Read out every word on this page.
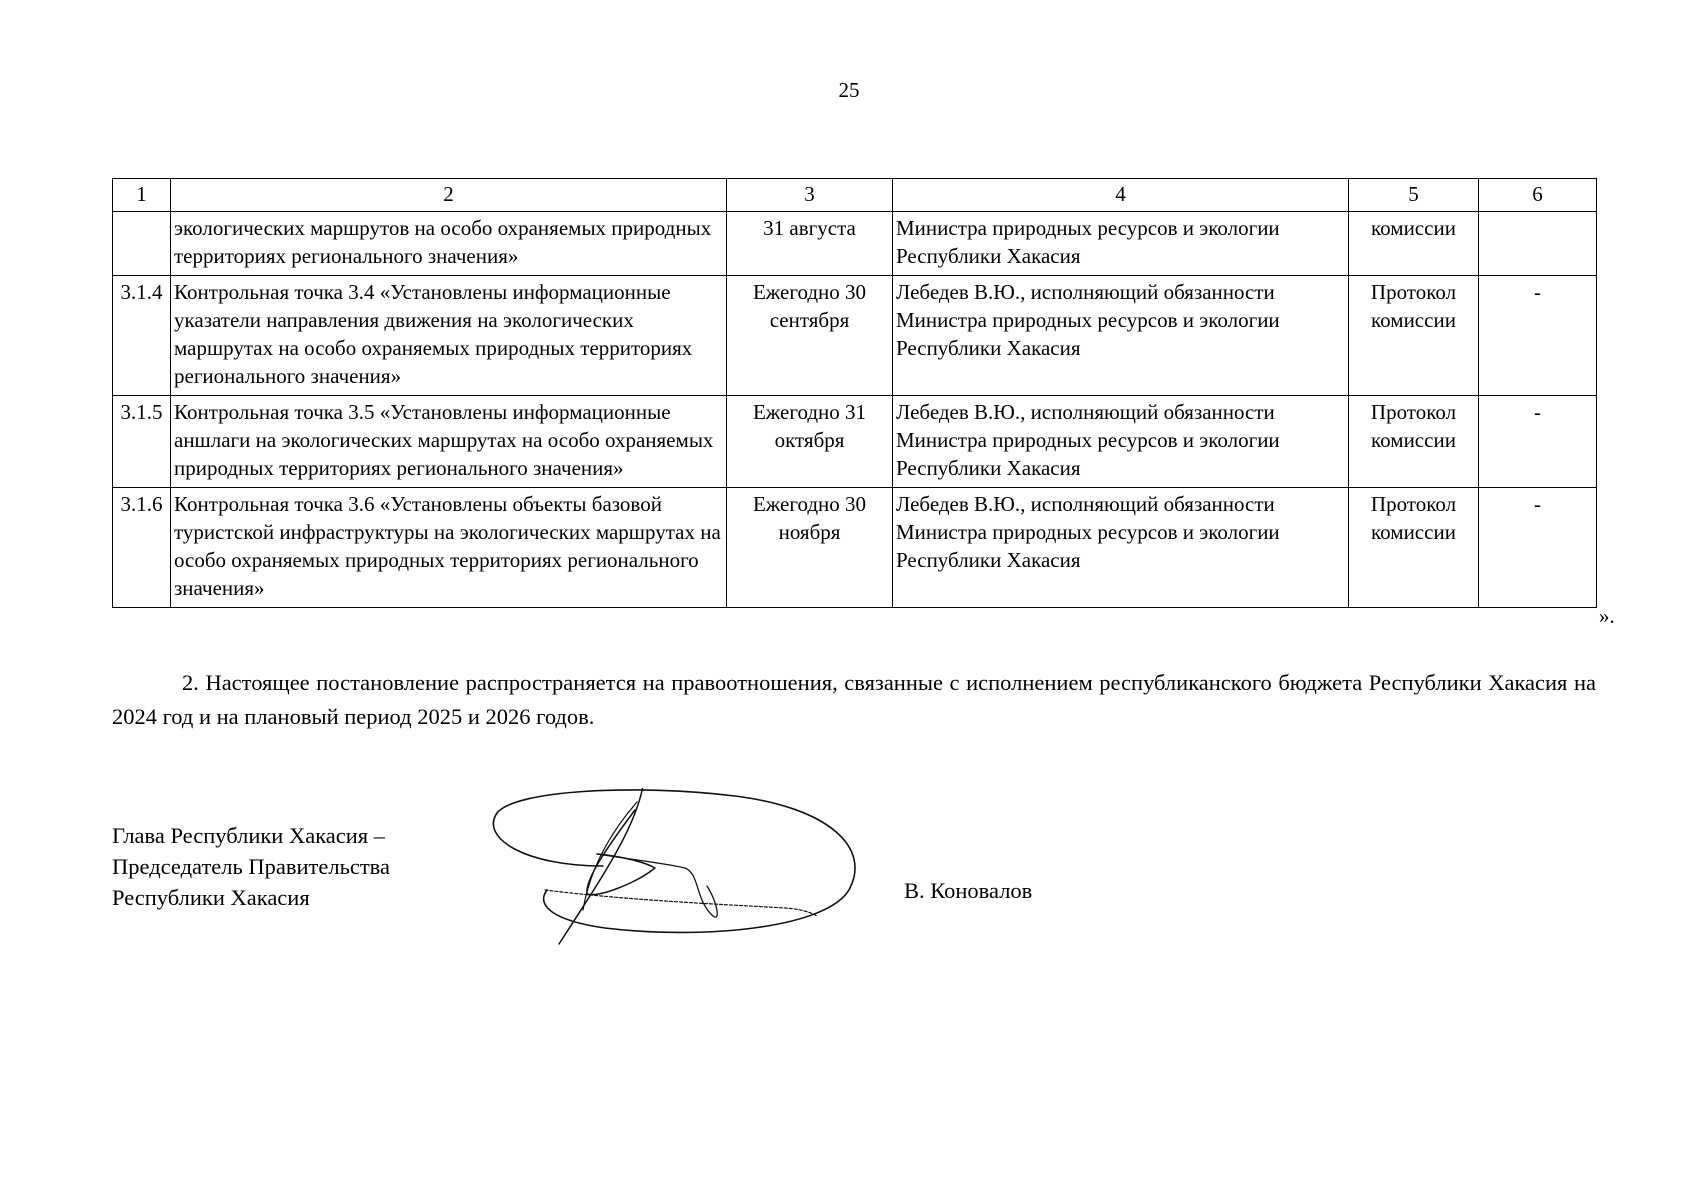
25
1	2	3	4	5	6
	экологических маршрутов на особо охраняемых природных территориях регионального значения»	31 августа	Министра природных ресурсов и экологии Республики Хакасия	комиссии	
3.1.4	Контрольная точка 3.4 «Установлены информационные указатели направления движения на экологических маршрутах на особо охраняемых природных территориях регионального значения»	Ежегодно 30 сентября	Лебедев В.Ю., исполняющий обязанности Министра природных ресурсов и экологии Республики Хакасия	Протокол комиссии	-
3.1.5	Контрольная точка 3.5 «Установлены информационные аншлаги на экологических маршрутах на особо охраняемых природных территориях регионального значения»	Ежегодно 31 октября	Лебедев В.Ю., исполняющий обязанности Министра природных ресурсов и экологии Республики Хакасия	Протокол комиссии	-
3.1.6	Контрольная точка 3.6 «Установлены объекты базовой туристской инфраструктуры на экологических маршрутах на особо охраняемых природных территориях регионального значения»	Ежегодно 30 ноября	Лебедев В.Ю., исполняющий обязанности Министра природных ресурсов и экологии Республики Хакасия	Протокол комиссии	-
».

2. Настоящее постановление распространяется на правоотношения, связанные с исполнением республиканского бюджета Республики Хакасия на 2024 год и на плановый период 2025 и 2026 годов.

Глава Республики Хакасия –
Председатель Правительства
Республики Хакасия	В. Коновалов
